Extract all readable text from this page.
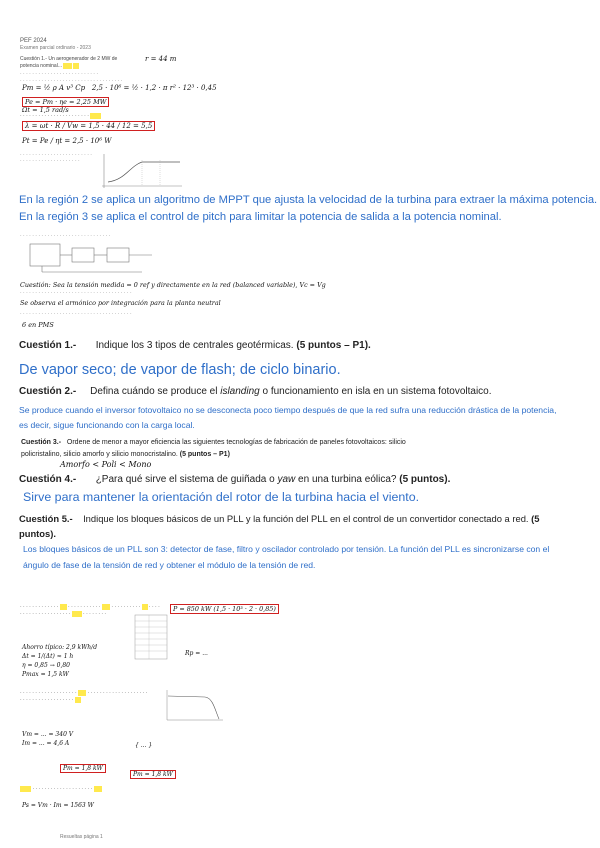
PEF 2024
Examen parcial ordinario - 2023
Cuestión 1.- Un aerogenerador de 2 MW de potencia nominal...
· · · · · · · · · · · · · · · · · · · · · · · · · ·
r = 44 m
· · · · · · · · · · · · · · · · · · · · · · · · · · · · · · · · · ·
Pm = ½ ρ A v³ Cp 2,5 · 10⁶ = ½ · 1,2 · π r² · 12³ · 0,45
Pe = Pm · ηe = 2,25 MW
Ωt = 1,5 rad/s
· · · · · · · · · · · · · · · · · · · · · · ·
λ = ωt · R / Vw = 1,5 · 44 / 12 = 5,5
Pt = Pe / ηt = 2,5 · 10⁶ W
· · · · · · · · · · · · · · · · · · · · · · · · · · · · · · · · · · · · · · · · · · · ·
En la región 2 se aplica un algoritmo de MPPT que ajusta la velocidad de la turbina para extraer la máxima potencia.
En la región 3 se aplica el control de pitch para limitar la potencia de salida a la potencia nominal.
· · · · · · · · · · · · · · · · · · · · · · · · · · · · · ·
Cuestión: Sea la tensión medida = 0 ref y directamente en la red (balanced variable), Vc = Vg
· · · · · · · · · · · · · · · · · · · · · · · · · · · · · · · · · · · · ·
Se observa el armónico por integración para la planta neutral
· · · · · · · · · · · · · · · · · · · · · · · · · · · · · · · · · · · · ·
6 en PMS
Cuestión 1.- Indique los 3 tipos de centrales geotérmicas. (5 puntos – P1).
De vapor seco; de vapor de flash; de ciclo binario.
Cuestión 2.- Defina cuándo se produce el islanding o funcionamiento en isla en un sistema fotovoltaico.
Se produce cuando el inversor fotovoltaico no se desconecta poco tiempo después de que la red sufra una reducción drástica de la potencia, es decir, sigue funcionando con la carga local.
Cuestión 3.- Ordene de menor a mayor eficiencia las siguientes tecnologías de fabricación de paneles fotovoltaicos: silicio policristalino, silicio amorfo y silicio monocristalino. (5 puntos – P1)
Amorfo < Poli < Mono
Cuestión 4.- ¿Para qué sirve el sistema de guiñada o yaw en una turbina eólica? (5 puntos).
Sirve para mantener la orientación del rotor de la turbina hacia el viento.
Cuestión 5.- Indique los bloques básicos de un PLL y la función del PLL en el control de un convertidor conectado a red. (5 puntos).
Los bloques básicos de un PLL son 3: detector de fase, filtro y oscilador controlado por tensión. La función del PLL es sincronizarse con el ángulo de fase de la tensión de red y obtener el módulo de la tensión de red.
· · · · · · · · · · · · ·       · · · · · · · · · · ·        · · · · · · · · · ·      · · · · · · · · · · · · · · · · · · · · ·         · · · · · · · ·
P = 850 kW (1,5 · 10³ · 2 · 0,85)
Ahorro típico: 2,9 kWh/d
Δt = 1/(Δt) ≈ 1 h
η = 0,85 → 0,80
Pmax = 1,5 kW
Rp = ...
· · · · · · · · · · · · · · · · · · ·        · · · · · · · · · · · · · · · · · · · · · · · · · · · · · · · · · · · · · ·
Vm = ... = 340 V
Im = ... = 4,6 A
Pm = 1,8 kW
Pm = 1,8 kW
{ ... }
· · · · · · · · · · · · · · · · · · · ·
Ps = Vm · Im = 1563 W
Resueltas página 1
